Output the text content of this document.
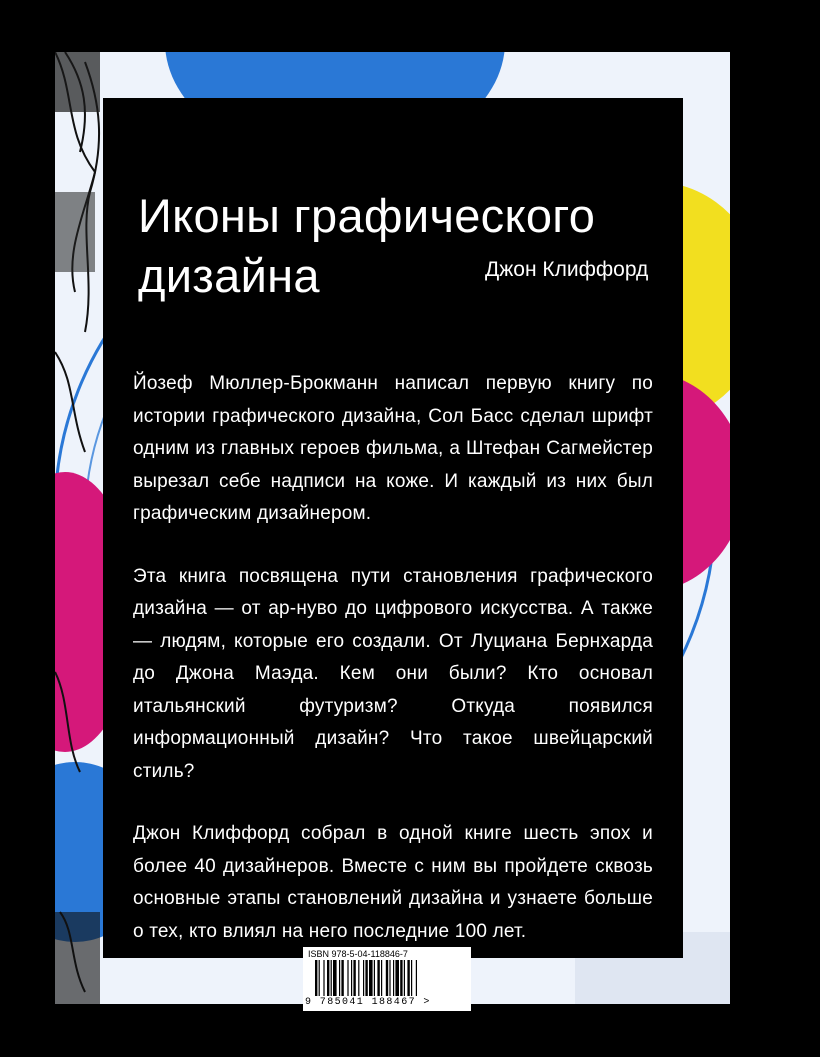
Иконы графического
дизайна	Джон Клиффорд

Йозеф Мюллер-Брокманн написал первую книгу по истории графического дизайна, Сол Басс сделал шрифт одним из главных героев фильма, а Штефан Сагмейстер вырезал себе надписи на коже. И каждый из них был графическим дизайнером.

Эта книга посвящена пути становления графического дизайна — от ар-нуво до цифрового искусства. А также — людям, которые его создали. От Луциана Бернхарда до Джона Маэда. Кем они были? Кто основал итальянский футуризм? Откуда появился информационный дизайн? Что такое швейцарский стиль?

Джон Клиффорд собрал в одной книге шесть эпох и более 40 дизайнеров. Вместе с ним вы пройдете сквозь основные этапы становлений дизайна и узнаете больше о тех, кто влиял на него последние 100 лет.

ISBN 978-5-04-118846-7
9 785041 188467 >
